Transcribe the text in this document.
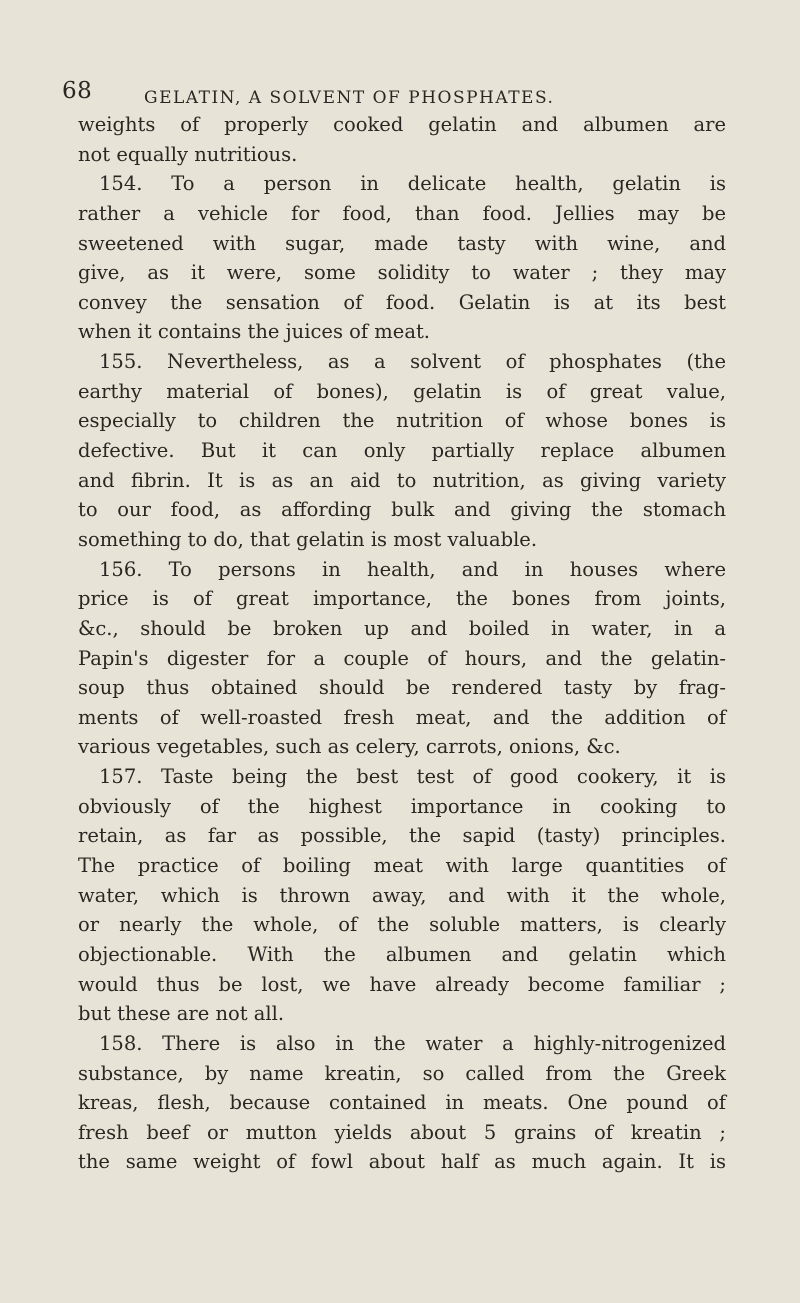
68	GELATIN, A SOLVENT OF PHOSPHATES.
weights of properly cooked gelatin and albumen are
not equally nutritious.
154. To a person in delicate health, gelatin is
rather a vehicle for food, than food. Jellies may be
sweetened with sugar, made tasty with wine, and
give, as it were, some solidity to water ; they may
convey the sensation of food. Gelatin is at its best
when it contains the juices of meat.
155. Nevertheless, as a solvent of phosphates (the
earthy material of bones), gelatin is of great value,
especially to children the nutrition of whose bones is
defective. But it can only partially replace albumen
and fibrin. It is as an aid to nutrition, as giving variety
to our food, as affording bulk and giving the stomach
something to do, that gelatin is most valuable.
156. To persons in health, and in houses where
price is of great importance, the bones from joints,
&c., should be broken up and boiled in water, in a
Papin's digester for a couple of hours, and the gelatin-
soup thus obtained should be rendered tasty by frag-
ments of well-roasted fresh meat, and the addition of
various vegetables, such as celery, carrots, onions, &c.
157. Taste being the best test of good cookery, it is
obviously of the highest importance in cooking to
retain, as far as possible, the sapid (tasty) principles.
The practice of boiling meat with large quantities of
water, which is thrown away, and with it the whole,
or nearly the whole, of the soluble matters, is clearly
objectionable. With the albumen and gelatin which
would thus be lost, we have already become familiar ;
but these are not all.
158. There is also in the water a highly-nitrogenized
substance, by name kreatin, so called from the Greek
kreas, flesh, because contained in meats. One pound of
fresh beef or mutton yields about 5 grains of kreatin ;
the same weight of fowl about half as much again. It is
